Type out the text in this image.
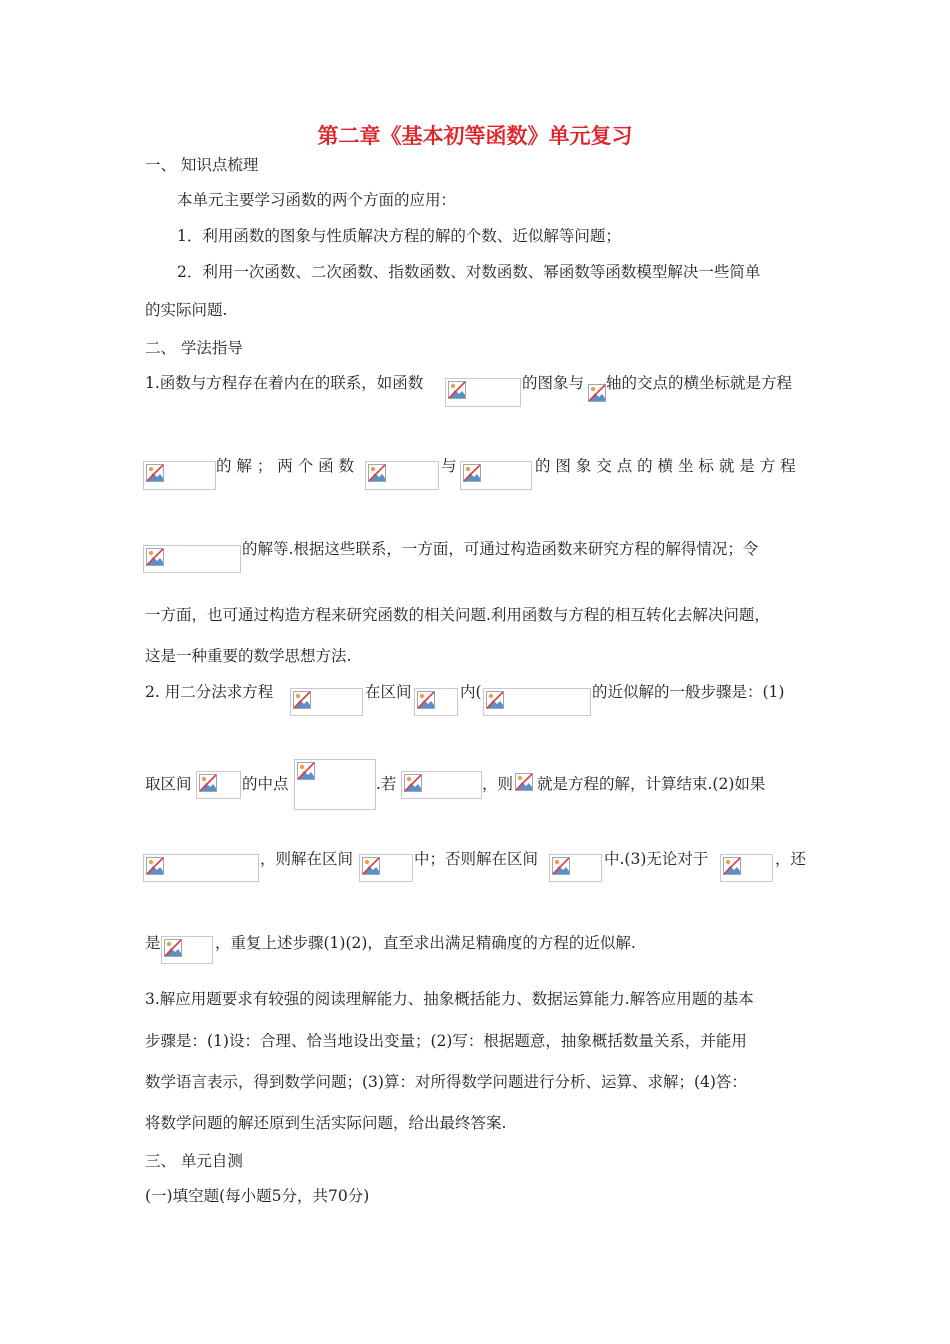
第二章《基本初等函数》单元复习
一、 知识点梳理
本单元主要学习函数的两个方面的应用：
1．利用函数的图象与性质解决方程的解的个数、近似解等问题；
2．利用一次函数、二次函数、指数函数、对数函数、幂函数等函数模型解决一些简单
的实际问题.
二、 学法指导
1.函数与方程存在着内在的联系，如函数	的图象与 轴的交点的横坐标就是方程
的 解 ； 两 个 函 数	与	的 图 象 交 点 的 横 坐 标 就 是 方 程
的解等.根据这些联系，一方面，可通过构造函数来研究方程的解得情况；令
一方面，也可通过构造方程来研究函数的相关问题.利用函数与方程的相互转化去解决问题，
这是一种重要的数学思想方法.
2. 用二分法求方程	在区间	内(	的近似解的一般步骤是：(1)
取区间	的中点	.若	，则 就是方程的解，计算结束.(2)如果
，则解在区间	中；否则解在区间	中.(3)无论对于	，还
是	，重复上述步骤(1)(2)，直至求出满足精确度的方程的近似解.
3.解应用题要求有较强的阅读理解能力、抽象概括能力、数据运算能力.解答应用题的基本
步骤是：(1)设：合理、恰当地设出变量；(2)写：根据题意，抽象概括数量关系，并能用
数学语言表示，得到数学问题；(3)算：对所得数学问题进行分析、运算、求解；(4)答：
将数学问题的解还原到生活实际问题，给出最终答案.
三、 单元自测
(一)填空题(每小题5分，共70分)
